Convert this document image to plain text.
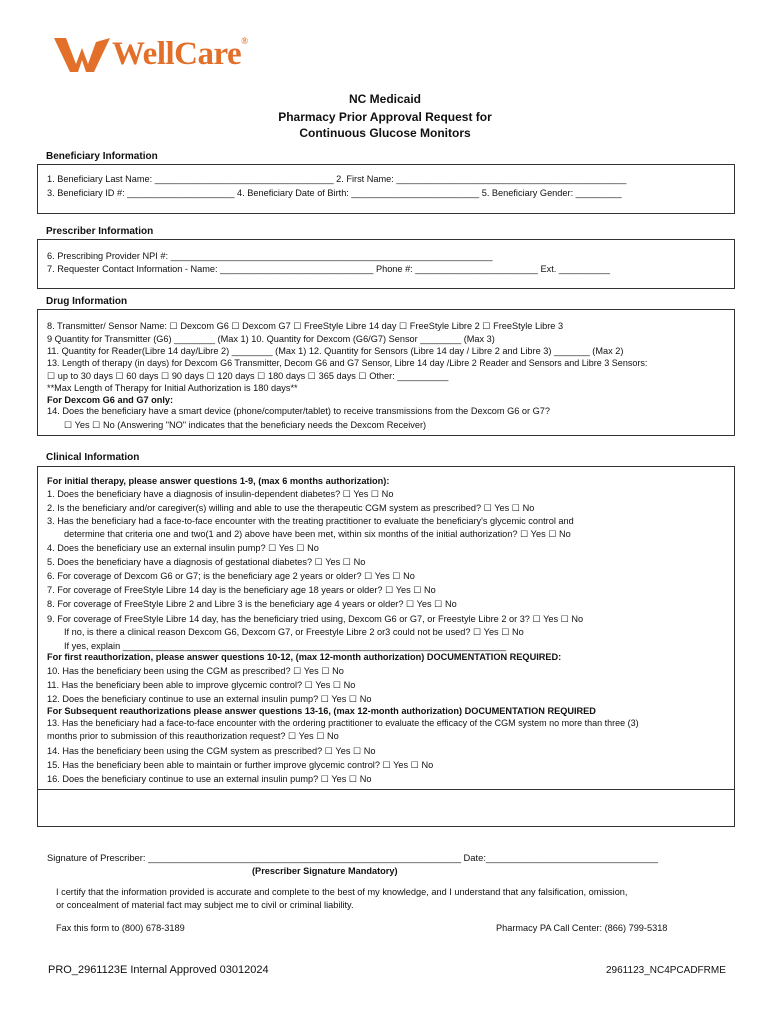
WellCare®
NC Medicaid
Pharmacy Prior Approval Request for
Continuous Glucose Monitors
Beneficiary Information
1. Beneficiary Last Name: ___________________________________ 2. First Name: _____________________________________________
3. Beneficiary ID #: _____________________ 4. Beneficiary Date of Birth: _________________________ 5. Beneficiary Gender: _________
Prescriber Information
6. Prescribing Provider NPI #: _______________________________________________________________
7. Requester Contact Information - Name: ______________________________ Phone #: ________________________ Ext. __________
Drug Information
8. Transmitter/ Sensor Name: ☐ Dexcom G6 ☐ Dexcom G7 ☐ FreeStyle Libre 14 day ☐ FreeStyle Libre 2 ☐ FreeStyle Libre 3
9 Quantity for Transmitter (G6) ________ (Max 1) 10. Quantity for Dexcom (G6/G7) Sensor ________ (Max 3)
11. Quantity for Reader(Libre 14 day/Libre 2) ________ (Max 1) 12. Quantity for Sensors (Libre 14 day / Libre 2 and Libre 3) _______ (Max 2)
13. Length of therapy (in days) for Dexcom G6 Transmitter, Decom G6 and G7 Sensor, Libre 14 day /Libre 2 Reader and Sensors and Libre 3 Sensors:
☐ up to 30 days ☐ 60 days ☐ 90 days ☐ 120 days ☐ 180 days ☐ 365 days ☐ Other: __________
**Max Length of Therapy for Initial Authorization is 180 days**
For Dexcom G6 and G7 only:
14. Does the beneficiary have a smart device (phone/computer/tablet) to receive transmissions from the Dexcom G6 or G7?
☐ Yes ☐ No (Answering "NO" indicates that the beneficiary needs the Dexcom Receiver)
Clinical Information
For initial therapy, please answer questions 1-9, (max 6 months authorization):
1. Does the beneficiary have a diagnosis of insulin-dependent diabetes? ☐ Yes ☐ No
2. Is the beneficiary and/or caregiver(s) willing and able to use the therapeutic CGM system as prescribed? ☐ Yes ☐ No
3. Has the beneficiary had a face-to-face encounter with the treating practitioner to evaluate the beneficiary's glycemic control and
determine that criteria one and two(1 and 2) above have been met, within six months of the initial authorization? ☐ Yes ☐ No
4. Does the beneficiary use an external insulin pump? ☐ Yes ☐ No
5. Does the beneficiary have a diagnosis of gestational diabetes? ☐ Yes ☐ No
6. For coverage of Dexcom G6 or G7; is the beneficiary age 2 years or older? ☐ Yes ☐ No
7. For coverage of FreeStyle Libre 14 day is the beneficiary age 18 years or older? ☐ Yes ☐ No
8. For coverage of FreeStyle Libre 2 and Libre 3 is the beneficiary age 4 years or older? ☐ Yes ☐ No
9. For coverage of FreeStyle Libre 14 day, has the beneficiary tried using, Dexcom G6 or G7, or Freestyle Libre 2 or 3? ☐ Yes ☐ No
If no, is there a clinical reason Dexcom G6, Dexcom G7, or Freestyle Libre 2 or3 could not be used? ☐ Yes ☐ No
If yes, explain ___________________________________________________________________________
For first reauthorization, please answer questions 10-12, (max 12-month authorization) DOCUMENTATION REQUIRED:
10. Has the beneficiary been using the CGM as prescribed? ☐ Yes ☐ No
11. Has the beneficiary been able to improve glycemic control? ☐ Yes ☐ No
12. Does the beneficiary continue to use an external insulin pump? ☐ Yes ☐ No
For Subsequent reauthorizations please answer questions 13-16, (max 12-month authorization) DOCUMENTATION REQUIRED
13. Has the beneficiary had a face-to-face encounter with the ordering practitioner to evaluate the efficacy of the CGM system no more than three (3)
months prior to submission of this reauthorization request? ☐ Yes ☐ No
14. Has the beneficiary been using the CGM system as prescribed? ☐ Yes ☐ No
15. Has the beneficiary been able to maintain or further improve glycemic control? ☐ Yes ☐ No
16. Does the beneficiary continue to use an external insulin pump? ☐ Yes ☐ No
Signature of Prescriber: ____________________________________________________________ Date:_________________________________
(Prescriber Signature Mandatory)
I certify that the information provided is accurate and complete to the best of my knowledge, and I understand that any falsification, omission,
or concealment of material fact may subject me to civil or criminal liability.
Fax this form to (800) 678-3189	Pharmacy PA Call Center: (866) 799-5318
PRO_2961123E Internal Approved 03012024	2961123_NC4PCADFRME
